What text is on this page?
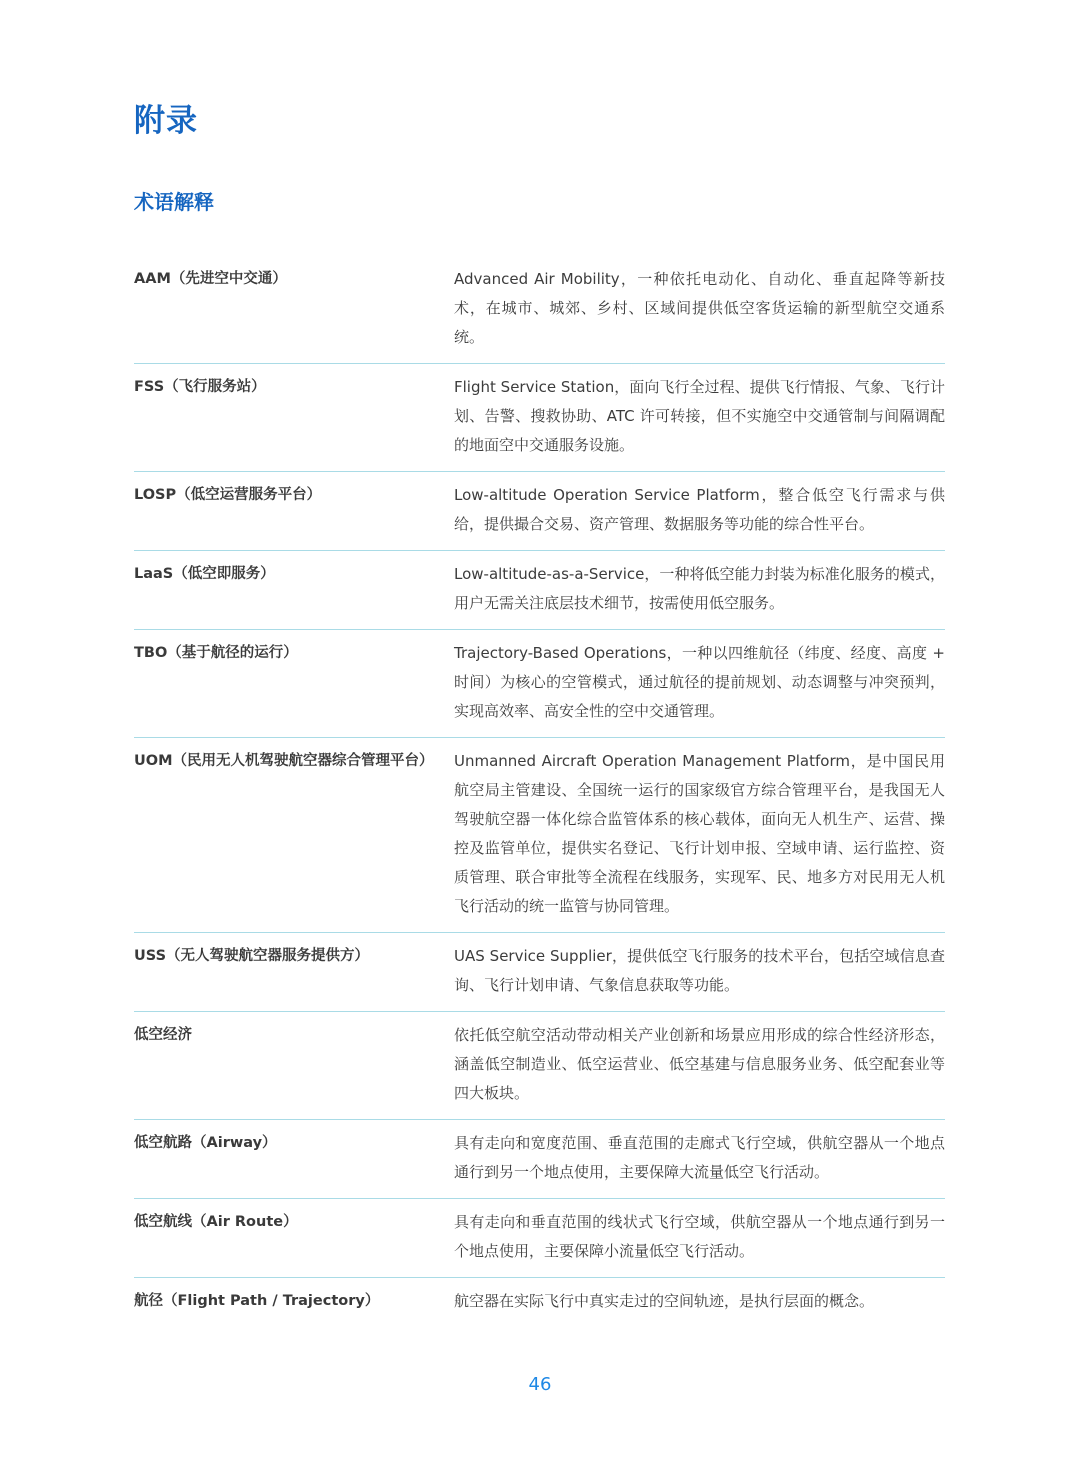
附录
术语解释
AAM（先进空中交通）	Advanced Air Mobility，一种依托电动化、自动化、垂直起降等新技术，在城市、城郊、乡村、区域间提供低空客货运输的新型航空交通系统。
FSS（飞行服务站）	Flight Service Station，面向飞行全过程、提供飞行情报、气象、飞行计划、告警、搜救协助、ATC 许可转接，但不实施空中交通管制与间隔调配的地面空中交通服务设施。
LOSP（低空运营服务平台）	Low-altitude Operation Service Platform，整合低空飞行需求与供给，提供撮合交易、资产管理、数据服务等功能的综合性平台。
LaaS（低空即服务）	Low-altitude-as-a-Service，一种将低空能力封装为标准化服务的模式，用户无需关注底层技术细节，按需使用低空服务。
TBO（基于航径的运行）	Trajectory-Based Operations，一种以四维航径（纬度、经度、高度 + 时间）为核心的空管模式，通过航径的提前规划、动态调整与冲突预判，实现高效率、高安全性的空中交通管理。
UOM（民用无人机驾驶航空器综合管理平台）	Unmanned Aircraft Operation Management Platform，是中国民用航空局主管建设、全国统一运行的国家级官方综合管理平台，是我国无人驾驶航空器一体化综合监管体系的核心载体，面向无人机生产、运营、操控及监管单位，提供实名登记、飞行计划申报、空域申请、运行监控、资质管理、联合审批等全流程在线服务，实现军、民、地多方对民用无人机飞行活动的统一监管与协同管理。
USS（无人驾驶航空器服务提供方）	UAS Service Supplier，提供低空飞行服务的技术平台，包括空域信息查询、飞行计划申请、气象信息获取等功能。
低空经济	依托低空航空活动带动相关产业创新和场景应用形成的综合性经济形态，涵盖低空制造业、低空运营业、低空基建与信息服务业务、低空配套业等四大板块。
低空航路（Airway）	具有走向和宽度范围、垂直范围的走廊式飞行空域，供航空器从一个地点通行到另一个地点使用，主要保障大流量低空飞行活动。
低空航线（Air Route）	具有走向和垂直范围的线状式飞行空域，供航空器从一个地点通行到另一个地点使用，主要保障小流量低空飞行活动。
航径（Flight Path / Trajectory）	航空器在实际飞行中真实走过的空间轨迹，是执行层面的概念。
46
